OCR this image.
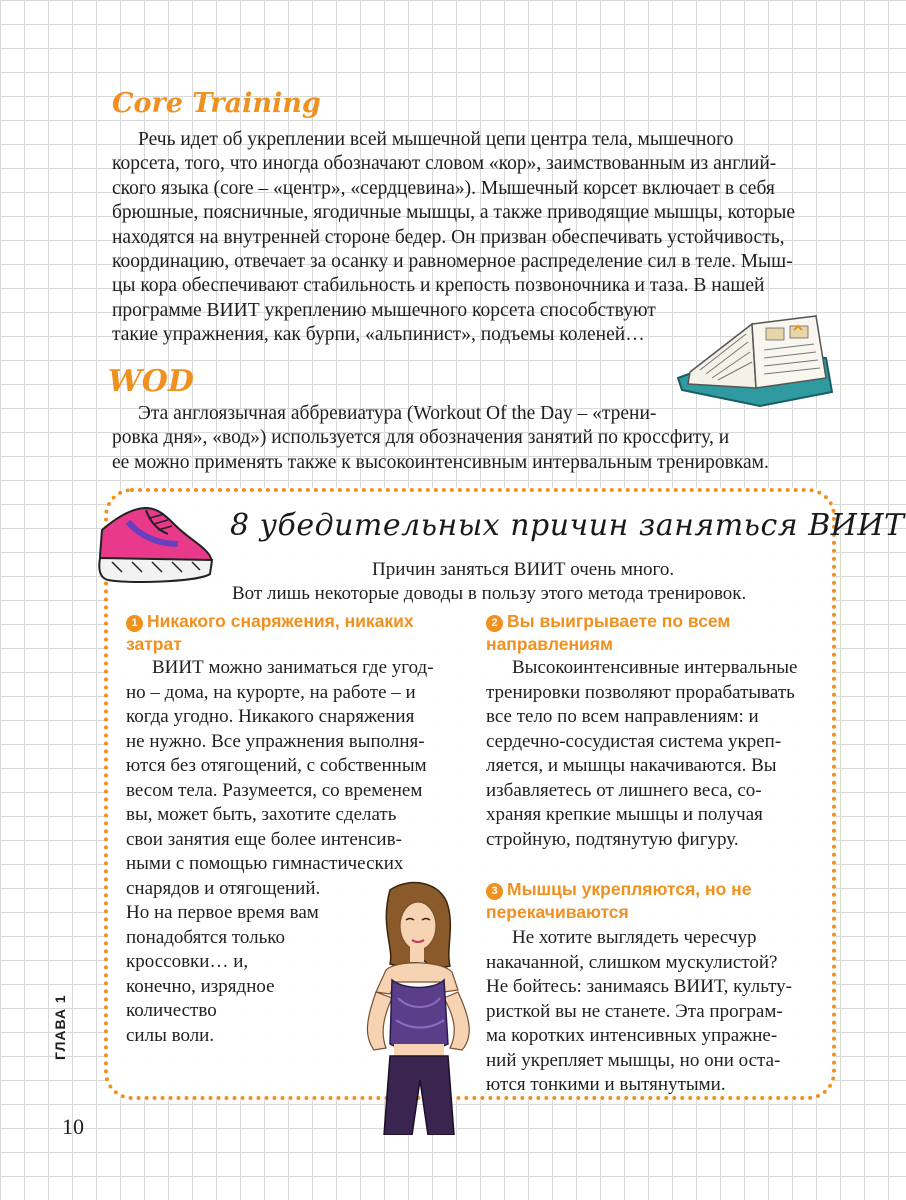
Core Training

Речь идет об укреплении всей мышечной цепи центра тела, мышечного

корсета, того, что иногда обозначают словом «кор», заимствованным из англий-

ского языка (core – «центр», «сердцевина»). Мышечный корсет включает в себя

брюшные, поясничные, ягодичные мышцы, а также приводящие мышцы, которые

находятся на внутренней стороне бедер. Он призван обеспечивать устойчивость,

координацию, отвечает за осанку и равномерное распределение сил в теле. Мыш-

цы кора обеспечивают стабильность и крепость позвоночника и таза. В нашей

программе ВИИТ укреплению мышечного корсета способствуют

такие упражнения, как бурпи, «альпинист», подъемы коленей…

WOD

Эта англоязычная аббревиатура (Workout Of the Day – «трени-

ровка дня», «вод») используется для обозначения занятий по кроссфиту, и

ее можно применять также к высокоинтенсивным интервальным тренировкам.

8 убедительных причин заняться ВИИТ
Причин заняться ВИИТ очень много.
Вот лишь некоторые доводы в пользу этого метода тренировок.
1 Никакого снаряжения, никаких
затрат

ВИИТ можно заниматься где угод-

но – дома, на курорте, на работе – и

когда угодно. Никакого снаряжения

не нужно. Все упражнения выполня-

ются без отягощений, с собственным

весом тела. Разумеется, со временем

вы, может быть, захотите сделать

свои занятия еще более интенсив-

ными с помощью гимнастических

снарядов и отягощений.

Но на первое время вам

понадобятся только

кроссовки… и,

конечно, изрядное

количество

силы воли.

2 Вы выигрываете по всем
направлениям

Высокоинтенсивные интервальные

тренировки позволяют прорабатывать

все тело по всем направлениям: и

сердечно-сосудистая система укреп-

ляется, и мышцы накачиваются. Вы

избавляетесь от лишнего веса, со-

храняя крепкие мышцы и получая

стройную, подтянутую фигуру.

3 Мышцы укрепляются, но не
перекачиваются

Не хотите выглядеть чересчур

накачанной, слишком мускулистой?

Не бойтесь: занимаясь ВИИТ, культу-

ристкой вы не станете. Эта програм-

ма коротких интенсивных упражне-

ний укрепляет мышцы, но они оста-

ются тонкими и вытянутыми.

ГЛАВА 1
10
